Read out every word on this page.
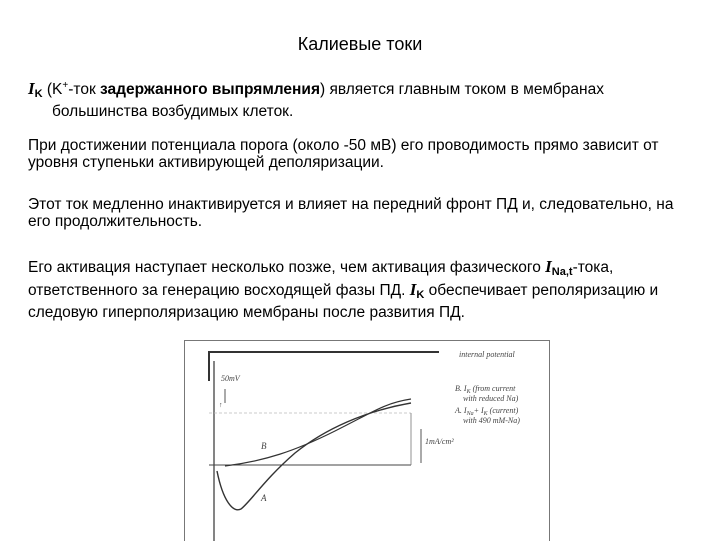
Калиевые токи
$I_K$ (K+-ток задержанного выпрямления) является главным током в мембранах
большинства возбудимых клеток.
При достижении потенциала порога (около -50 мВ) его проводимость прямо зависит от уровня ступеньки активирующей деполяризации.
Этот ток медленно инактивируется и влияет на передний фронт ПД и, следовательно, на его продолжительность.
Его активация наступает несколько позже, чем активация фазического $I_{Na,t}$-тока, ответственного за генерацию восходящей фазы ПД. $I_K$ обеспечивает реполяризацию и следовую гиперполяризацию мембраны после развития ПД.
internal potential
50mV
↑
1mA/cm²
B
A
B. $I_K$ (from current
with reduced Na)
A. $I_{Na}+ I_K$ (current)
with 490 mM-Na)
